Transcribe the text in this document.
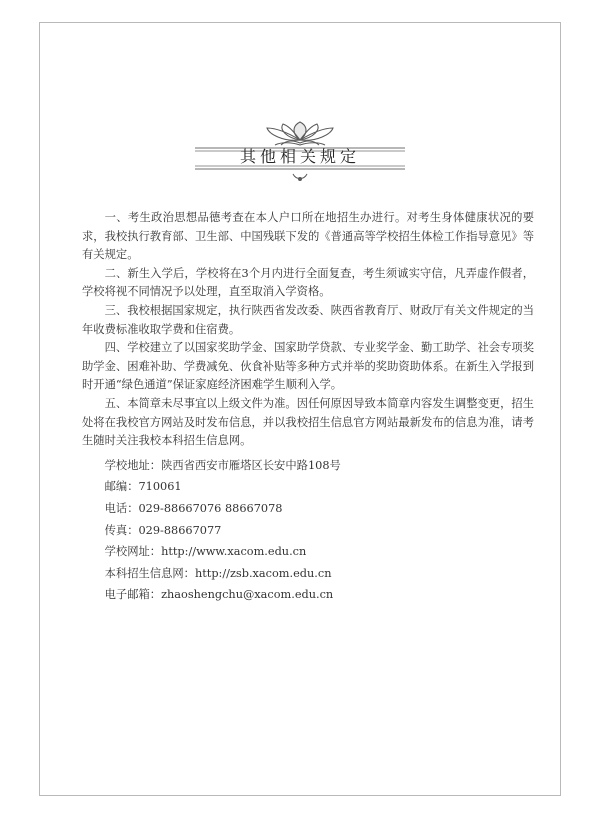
其他相关规定

一、考生政治思想品德考查在本人户口所在地招生办进行。对考生身体健康状况的要求，我校执行教育部、卫生部、中国残联下发的《普通高等学校招生体检工作指导意见》等有关规定。

二、新生入学后，学校将在3个月内进行全面复查，考生须诚实守信，凡弄虚作假者，学校将视不同情况予以处理，直至取消入学资格。

三、我校根据国家规定，执行陕西省发改委、陕西省教育厅、财政厅有关文件规定的当年收费标准收取学费和住宿费。

四、学校建立了以国家奖助学金、国家助学贷款、专业奖学金、勤工助学、社会专项奖助学金、困难补助、学费减免、伙食补贴等多种方式并举的奖助资助体系。在新生入学报到时开通“绿色通道”保证家庭经济困难学生顺利入学。

五、本简章未尽事宜以上级文件为准。因任何原因导致本简章内容发生调整变更，招生处将在我校官方网站及时发布信息，并以我校招生信息官方网站最新发布的信息为准，请考生随时关注我校本科招生信息网。

学校地址：陕西省西安市雁塔区长安中路108号
邮编：710061
电话：029-88667076 88667078
传真：029-88667077
学校网址：http://www.xacom.edu.cn
本科招生信息网：http://zsb.xacom.edu.cn
电子邮箱：zhaoshengchu@xacom.edu.cn
